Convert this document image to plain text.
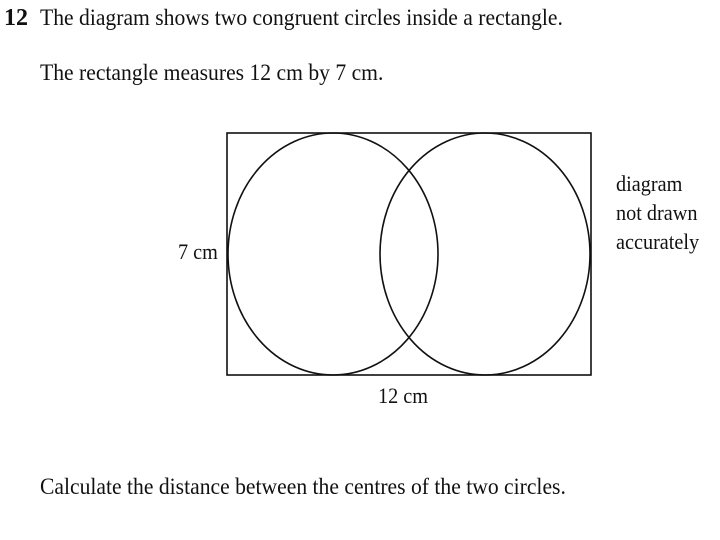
12 The diagram shows two congruent circles inside a rectangle.
The rectangle measures 12 cm by 7 cm.
7 cm
12 cm
diagram
not drawn
accurately
Calculate the distance between the centres of the two circles.
